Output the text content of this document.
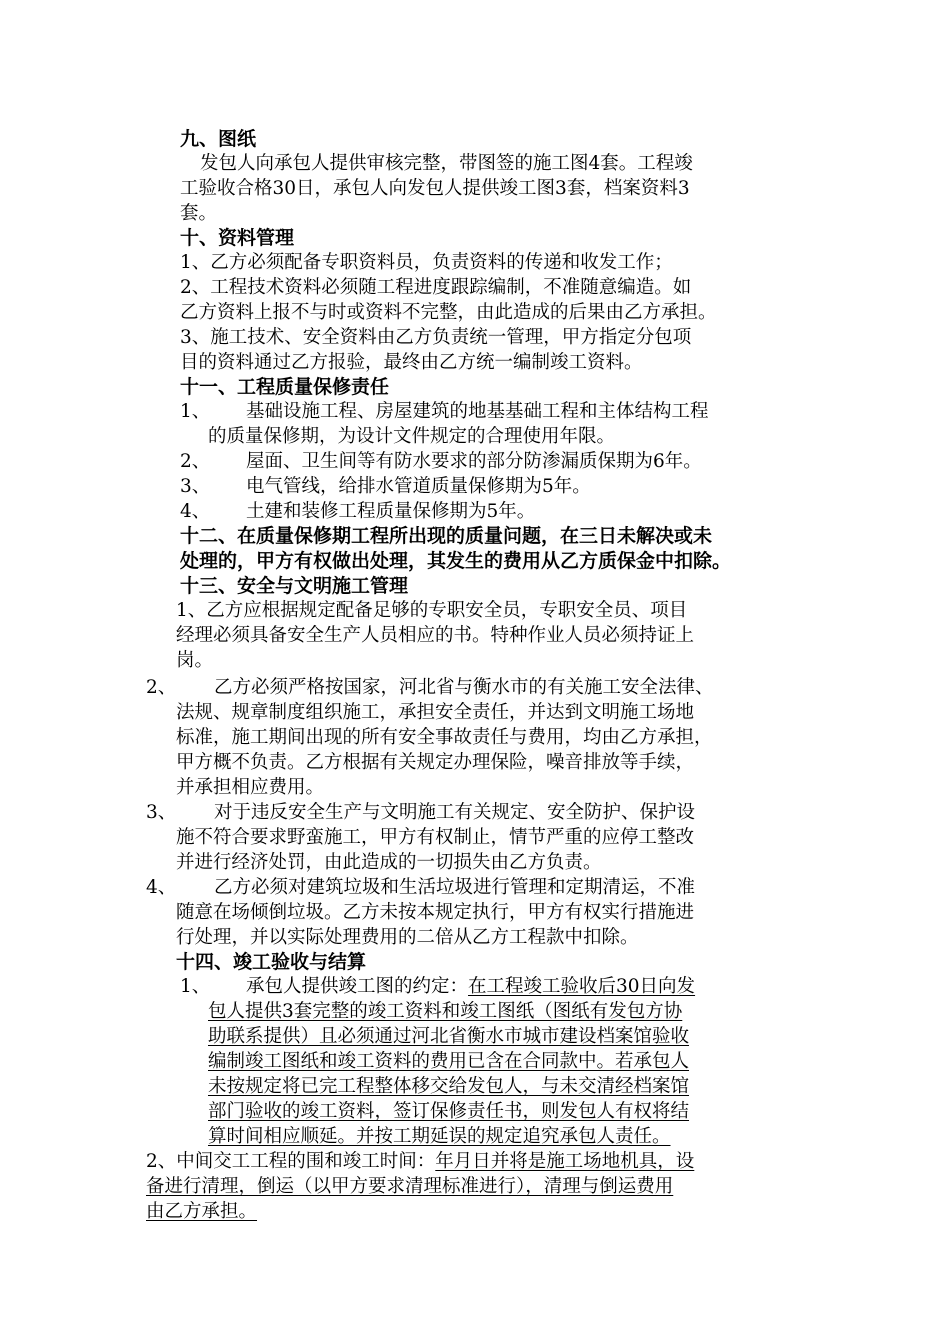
九、图纸
发包人向承包人提供审核完整，带图签的施工图4套。工程竣
工验收合格30日，承包人向发包人提供竣工图3套，档案资料3
套。
十、资料管理
1、乙方必须配备专职资料员，负责资料的传递和收发工作；
2、工程技术资料必须随工程进度跟踪编制，不准随意编造。如
乙方资料上报不与时或资料不完整，由此造成的后果由乙方承担。
3、施工技术、安全资料由乙方负责统一管理，甲方指定分包项
目的资料通过乙方报验，最终由乙方统一编制竣工资料。
十一、工程质量保修责任
1、 基础设施工程、房屋建筑的地基基础工程和主体结构工程
的质量保修期，为设计文件规定的合理使用年限。
2、 屋面、卫生间等有防水要求的部分防渗漏质保期为6年。
3、 电气管线，给排水管道质量保修期为5年。
4、 土建和装修工程质量保修期为5年。
十二、在质量保修期工程所出现的质量问题，在三日未解决或未
处理的，甲方有权做出处理，其发生的费用从乙方质保金中扣除。
十三、安全与文明施工管理
1、乙方应根据规定配备足够的专职安全员，专职安全员、项目
经理必须具备安全生产人员相应的书。特种作业人员必须持证上
岗。
2、 乙方必须严格按国家，河北省与衡水市的有关施工安全法律、
法规、规章制度组织施工，承担安全责任，并达到文明施工场地
标准，施工期间出现的所有安全事故责任与费用，均由乙方承担，
甲方概不负责。乙方根据有关规定办理保险，噪音排放等手续，
并承担相应费用。
3、 对于违反安全生产与文明施工有关规定、安全防护、保护设
施不符合要求野蛮施工，甲方有权制止，情节严重的应停工整改
并进行经济处罚，由此造成的一切损失由乙方负责。
4、 乙方必须对建筑垃圾和生活垃圾进行管理和定期清运，不准
随意在场倾倒垃圾。乙方未按本规定执行，甲方有权实行措施进
行处理，并以实际处理费用的二倍从乙方工程款中扣除。
十四、竣工验收与结算
1、 承包人提供竣工图的约定：在工程竣工验收后30日向发
包人提供3套完整的竣工资料和竣工图纸（图纸有发包方协
助联系提供）且必须通过河北省衡水市城市建设档案馆验收
编制竣工图纸和竣工资料的费用已含在合同款中。若承包人
未按规定将已完工程整体移交给发包人，与未交清经档案馆
部门验收的竣工资料，签订保修责任书，则发包人有权将结
算时间相应顺延。并按工期延误的规定追究承包人责任。
2、中间交工工程的围和竣工时间：年月日并将是施工场地机具，设
备进行清理，倒运（以甲方要求清理标准进行），清理与倒运费用
由乙方承担。
